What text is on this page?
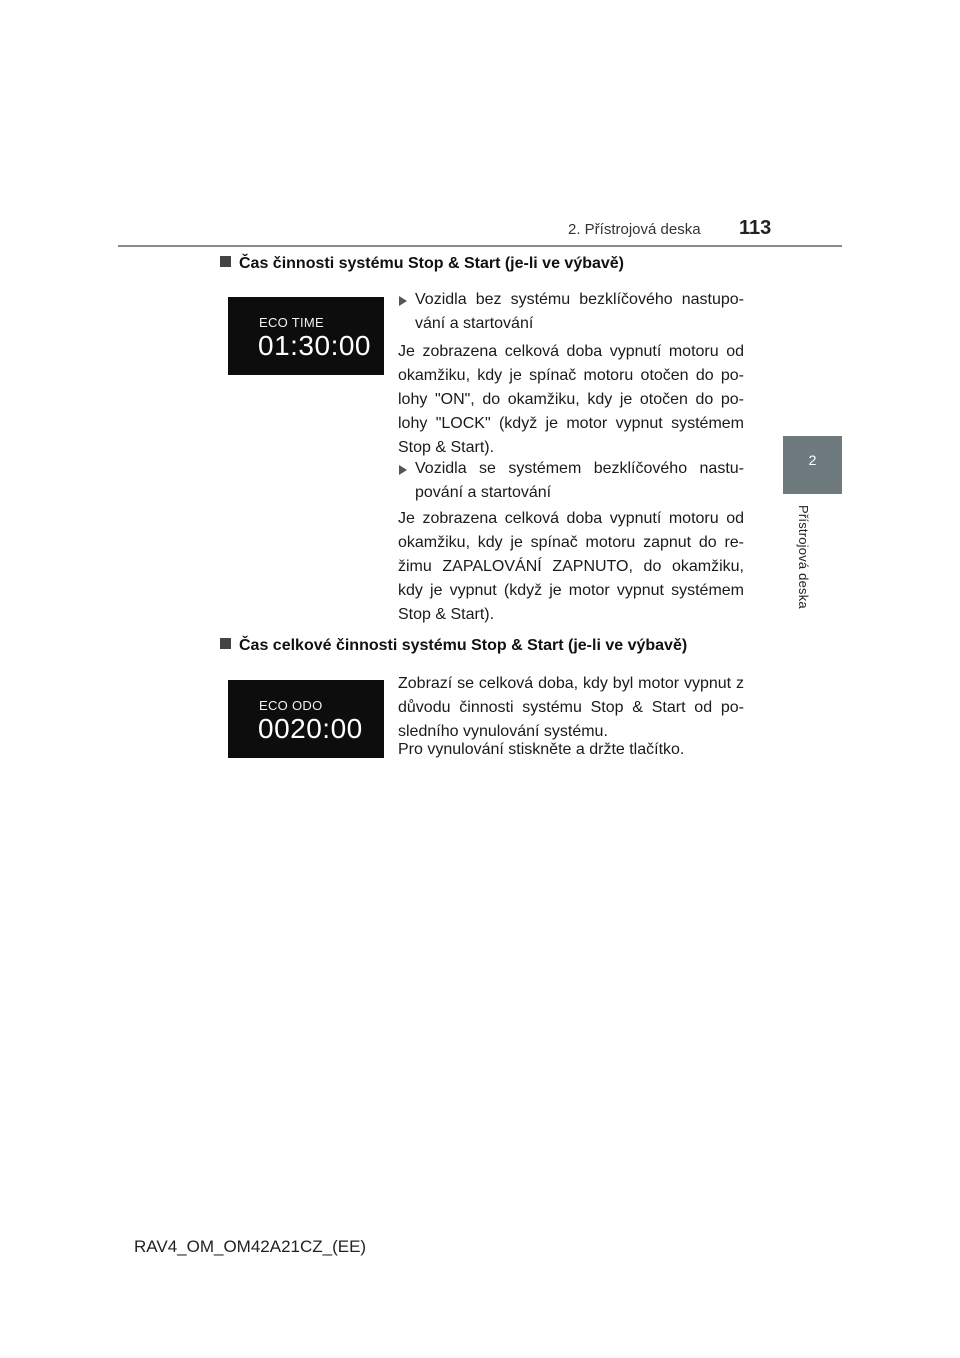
2. Přístrojová deska 113
2
Přístrojová deska
Čas činnosti systému Stop & Start (je-li ve výbavě)
ECO TIME
01:30:00
Vozidla bez systému bezklíčového nastupo-vání a startování
Je zobrazena celková doba vypnutí motoru od okamžiku, kdy je spínač motoru otočen do po-lohy "ON", do okamžiku, kdy je otočen do po-lohy "LOCK" (když je motor vypnut systémem Stop & Start).
Vozidla se systémem bezklíčového nastu-pování a startování
Je zobrazena celková doba vypnutí motoru od okamžiku, kdy je spínač motoru zapnut do re-žimu ZAPALOVÁNÍ ZAPNUTO, do okamžiku, kdy je vypnut (když je motor vypnut systémem Stop & Start).
Čas celkové činnosti systému Stop & Start (je-li ve výbavě)
ECO ODO
0020:00
Zobrazí se celková doba, kdy byl motor vypnut z důvodu činnosti systému Stop & Start od po-sledního vynulování systému.
Pro vynulování stiskněte a držte tlačítko.
RAV4_OM_OM42A21CZ_(EE)
